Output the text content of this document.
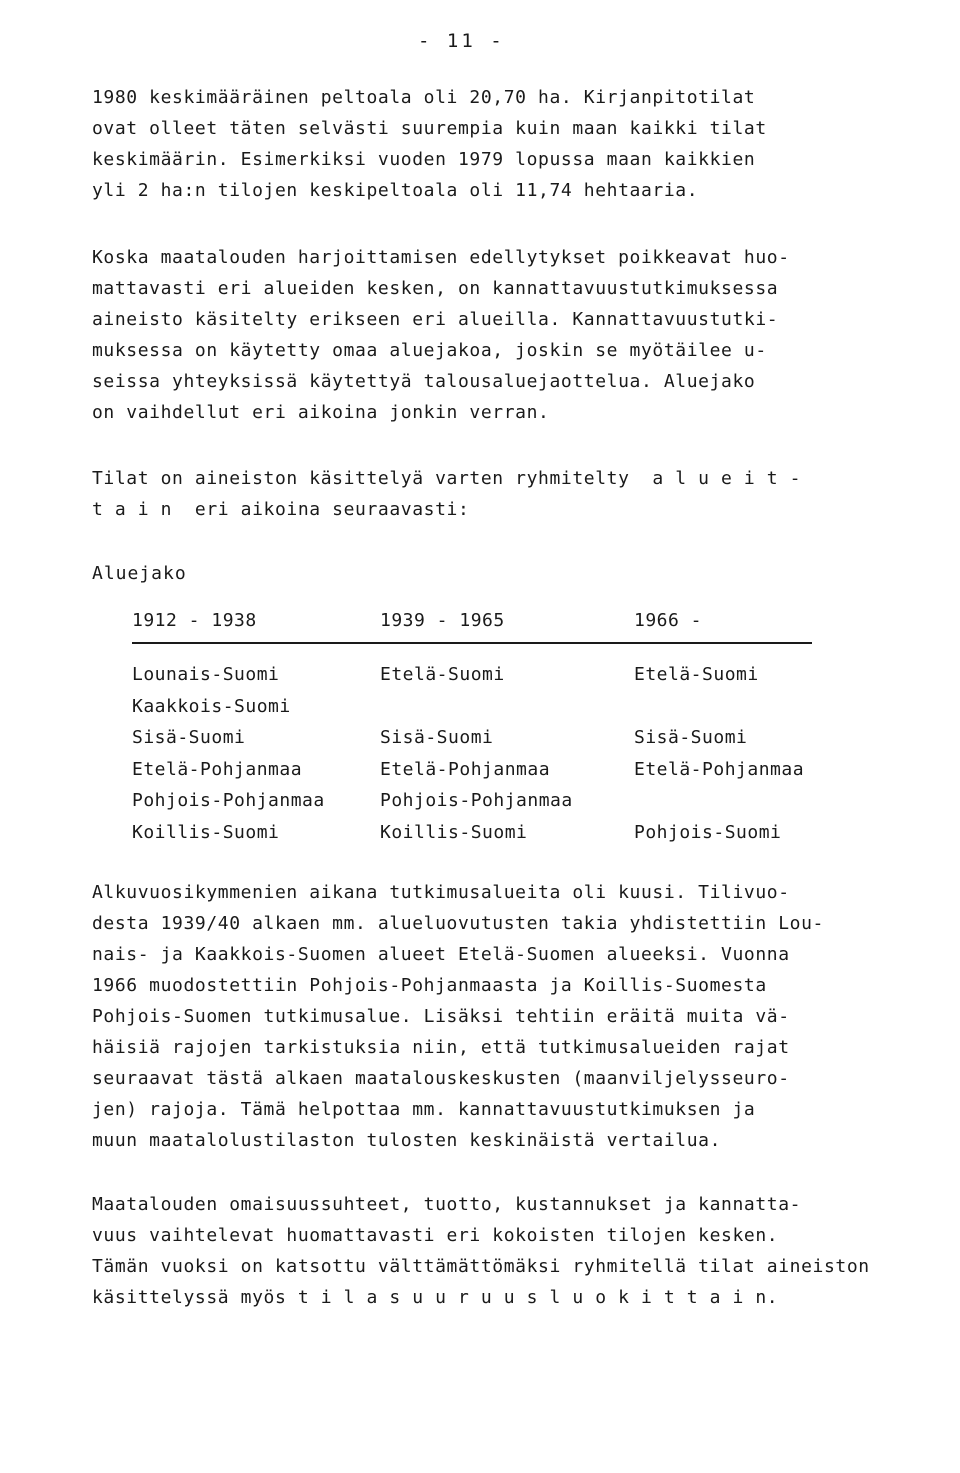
- 11 -
1980 keskimääräinen peltoala oli 20,70 ha. Kirjanpitotilat
ovat olleet täten selvästi suurempia kuin maan kaikki tilat
keskimäärin. Esimerkiksi vuoden 1979 lopussa maan kaikkien
yli 2 ha:n tilojen keskipeltoala oli 11,74 hehtaaria.
Koska maatalouden harjoittamisen edellytykset poikkeavat huo-
mattavasti eri alueiden kesken, on kannattavuustutkimuksessa
aineisto käsitelty erikseen eri alueilla. Kannattavuustutki-
muksessa on käytetty omaa aluejakoa, joskin se myötäilee u-
seissa yhteyksissä käytettyä talousaluejaottelua. Aluejako
on vaihdellut eri aikoina jonkin verran.
Tilat on aineiston käsittelyä varten ryhmitelty  a l u e i t -
t a i n  eri aikoina seuraavasti:
Aluejako
1912 - 1938	1939 - 1965	1966 -
Lounais-Suomi	Etelä-Suomi	Etelä-Suomi
Kaakkois-Suomi
Sisä-Suomi	Sisä-Suomi	Sisä-Suomi
Etelä-Pohjanmaa	Etelä-Pohjanmaa	Etelä-Pohjanmaa
Pohjois-Pohjanmaa	Pohjois-Pohjanmaa
Koillis-Suomi	Koillis-Suomi	Pohjois-Suomi
Alkuvuosikymmenien aikana tutkimusalueita oli kuusi. Tilivuo-
desta 1939/40 alkaen mm. alueluovutusten takia yhdistettiin Lou-
nais- ja Kaakkois-Suomen alueet Etelä-Suomen alueeksi. Vuonna
1966 muodostettiin Pohjois-Pohjanmaasta ja Koillis-Suomesta
Pohjois-Suomen tutkimusalue. Lisäksi tehtiin eräitä muita vä-
häisiä rajojen tarkistuksia niin, että tutkimusalueiden rajat
seuraavat tästä alkaen maatalouskeskusten (maanviljelysseuro-
jen) rajoja. Tämä helpottaa mm. kannattavuustutkimuksen ja
muun maatalolustilaston tulosten keskinäistä vertailua.
Maatalouden omaisuussuhteet, tuotto, kustannukset ja kannatta-
vuus vaihtelevat huomattavasti eri kokoisten tilojen kesken.
Tämän vuoksi on katsottu välttämättömäksi ryhmitellä tilat aineiston
käsittelyssä myös t i l a s u u r u u s l u o k i t t a i n.
